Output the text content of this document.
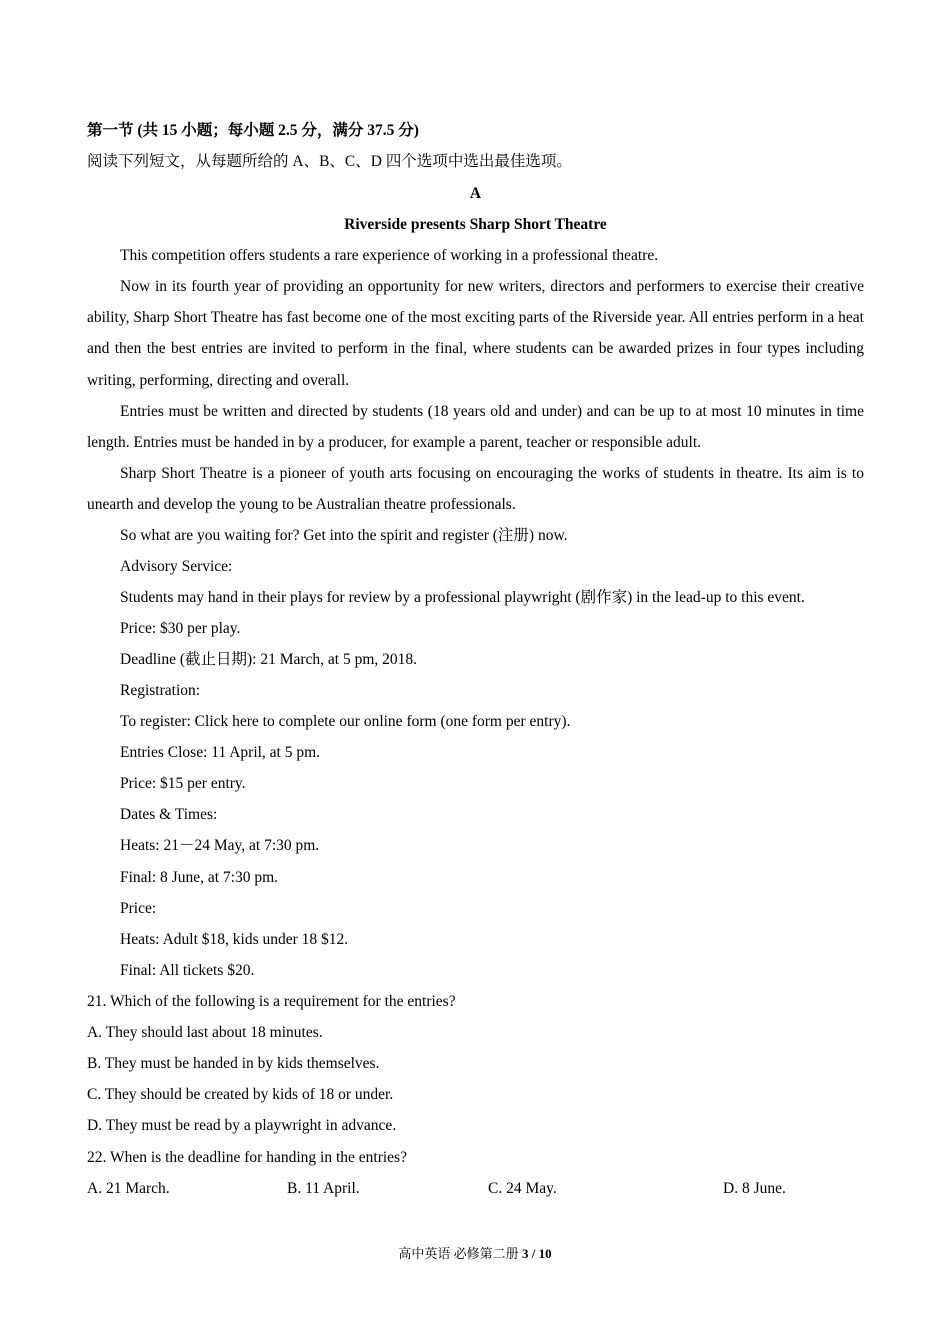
第一节 (共 15 小题；每小题 2.5 分，满分 37.5 分)
阅读下列短文，从每题所给的 A、B、C、D 四个选项中选出最佳选项。
A
Riverside presents Sharp Short Theatre
This competition offers students a rare experience of working in a professional theatre.
Now in its fourth year of providing an opportunity for new writers, directors and performers to exercise their creative ability, Sharp Short Theatre has fast become one of the most exciting parts of the Riverside year. All entries perform in a heat and then the best entries are invited to perform in the final, where students can be awarded prizes in four types including writing, performing, directing and overall.
Entries must be written and directed by students (18 years old and under) and can be up to at most 10 minutes in time length. Entries must be handed in by a producer, for example a parent, teacher or responsible adult.
Sharp Short Theatre is a pioneer of youth arts focusing on encouraging the works of students in theatre. Its aim is to unearth and develop the young to be Australian theatre professionals.
So what are you waiting for? Get into the spirit and register (注册) now.
Advisory Service:
Students may hand in their plays for review by a professional playwright (剧作家) in the lead‐up to this event.
Price: $30 per play.
Deadline (截止日期): 21 March, at 5 pm, 2018.
Registration:
To register: Click here to complete our online form (one form per entry).
Entries Close: 11 April, at 5 pm.
Price: $15 per entry.
Dates & Times:
Heats: 21－24 May, at 7:30 pm.
Final: 8 June, at 7:30 pm.
Price:
Heats: Adult $18, kids under 18 $12.
Final: All tickets $20.
21. Which of the following is a requirement for the entries?
A. They should last about 18 minutes.
B. They must be handed in by kids themselves.
C. They should be created by kids of 18 or under.
D. They must be read by a playwright in advance.
22. When is the deadline for handing in the entries?
A. 21 March.	B. 11 April.	C. 24 May.	D. 8 June.
高中英语 必修第二册 3 / 10
